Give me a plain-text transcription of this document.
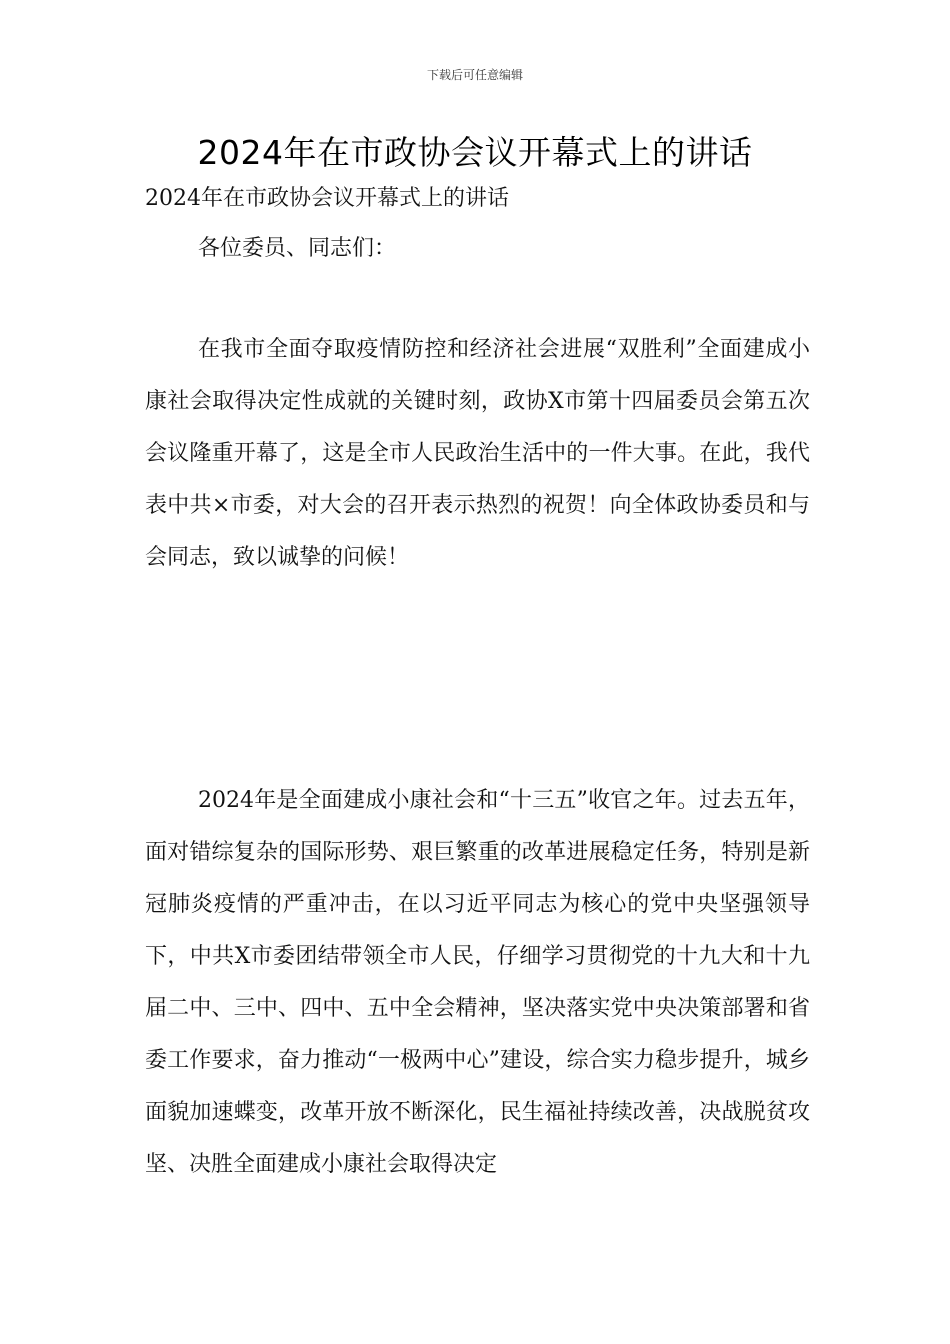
下载后可任意编辑
2024年在市政协会议开幕式上的讲话
2024年在市政协会议开幕式上的讲话
各位委员、同志们：

在我市全面夺取疫情防控和经济社会进展“双胜利”全面建成小康社会取得决定性成就的关键时刻，政协X市第十四届委员会第五次会议隆重开幕了，这是全市人民政治生活中的一件大事。在此，我代表中共×市委，对大会的召开表示热烈的祝贺！向全体政协委员和与会同志，致以诚挚的问候！

2024年是全面建成小康社会和“十三五”收官之年。过去五年，面对错综复杂的国际形势、艰巨繁重的改革进展稳定任务，特别是新冠肺炎疫情的严重冲击，在以习近平同志为核心的党中央坚强领导下，中共X市委团结带领全市人民，仔细学习贯彻党的十九大和十九届二中、三中、四中、五中全会精神，坚决落实党中央决策部署和省委工作要求，奋力推动“一极两中心”建设，综合实力稳步提升，城乡面貌加速蝶变，改革开放不断深化，民生福祉持续改善，决战脱贫攻坚、决胜全面建成小康社会取得决定
